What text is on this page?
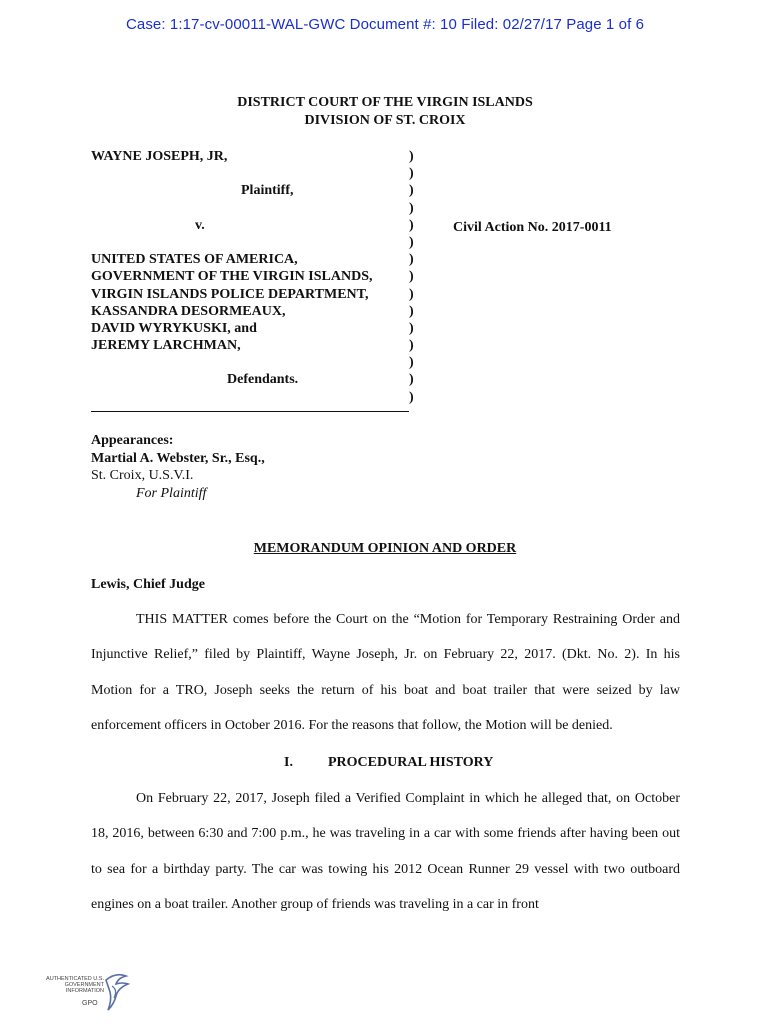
Case: 1:17-cv-00011-WAL-GWC Document #: 10 Filed: 02/27/17 Page 1 of 6
DISTRICT COURT OF THE VIRGIN ISLANDS
DIVISION OF ST. CROIX
WAYNE JOSEPH, JR,
Plaintiff,
v.
UNITED STATES OF AMERICA,
GOVERNMENT OF THE VIRGIN ISLANDS,
VIRGIN ISLANDS POLICE DEPARTMENT,
KASSANDRA DESORMEAUX,
DAVID WYRYKUSKI, and
JEREMY LARCHMAN,
Defendants.
)
)
)
)
)
)
)
)
)
)
)
)
)
)
)
Civil Action No. 2017-0011
Appearances:
Martial A. Webster, Sr., Esq.,
St. Croix, U.S.V.I.
For Plaintiff
MEMORANDUM OPINION AND ORDER
Lewis, Chief Judge

THIS MATTER comes before the Court on the “Motion for Temporary Restraining Order and Injunctive Relief,” filed by Plaintiff, Wayne Joseph, Jr. on February 22, 2017. (Dkt. No. 2). In his Motion for a TRO, Joseph seeks the return of his boat and boat trailer that were seized by law enforcement officers in October 2016. For the reasons that follow, the Motion will be denied.

I.	PROCEDURAL HISTORY

On February 22, 2017, Joseph filed a Verified Complaint in which he alleged that, on October 18, 2016, between 6:30 and 7:00 p.m., he was traveling in a car with some friends after having been out to sea for a birthday party. The car was towing his 2012 Ocean Runner 29 vessel with two outboard engines on a boat trailer. Another group of friends was traveling in a car in front

AUTHENTICATED U.S. GOVERNMENT INFORMATION
GPO
